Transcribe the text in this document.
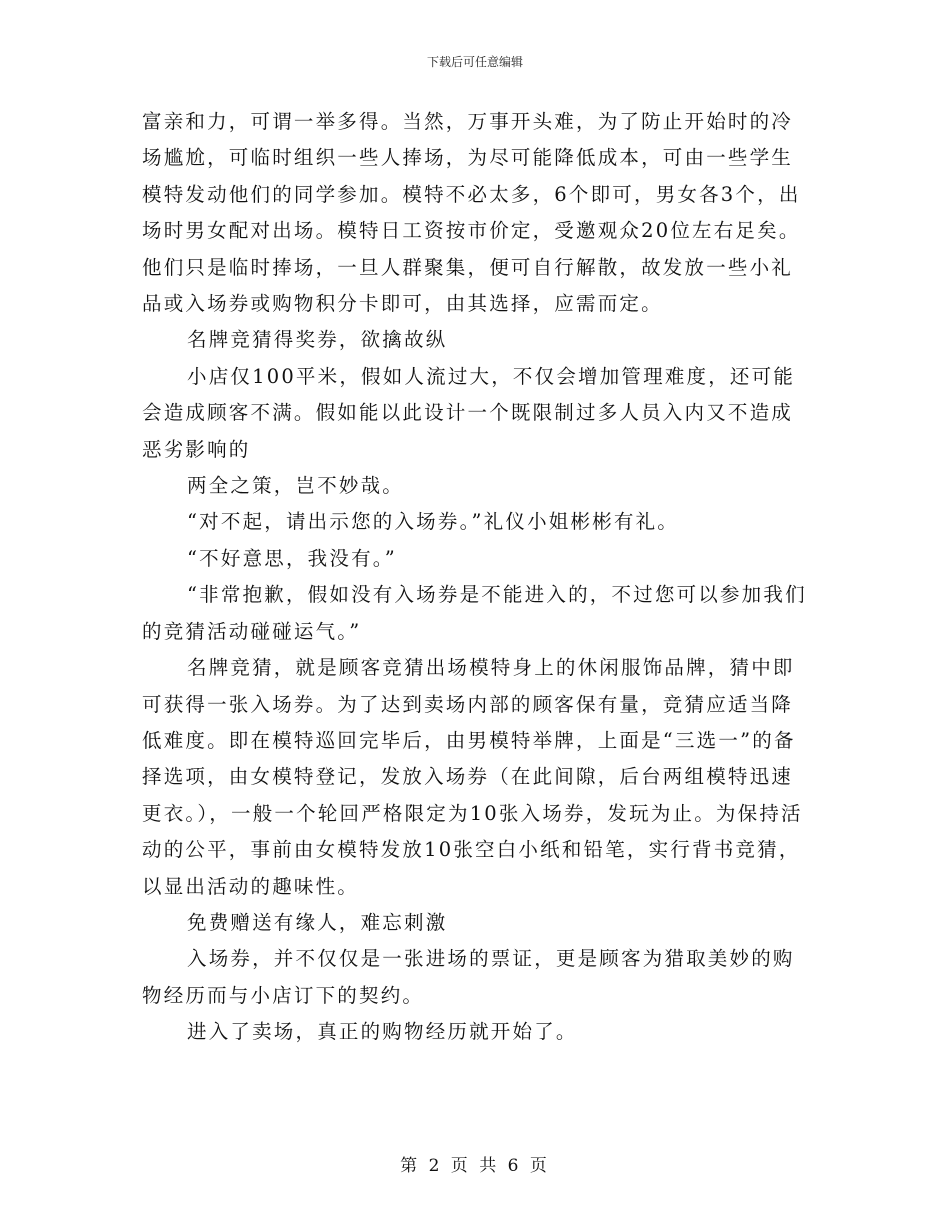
下载后可任意编辑

富亲和力，可谓一举多得。当然，万事开头难，为了防止开始时的冷场尴尬，可临时组织一些人捧场，为尽可能降低成本，可由一些学生模特发动他们的同学参加。模特不必太多，6个即可，男女各3个，出场时男女配对出场。模特日工资按市价定，受邀观众20位左右足矣。他们只是临时捧场，一旦人群聚集，便可自行解散，故发放一些小礼品或入场券或购物积分卡即可，由其选择，应需而定。

名牌竞猜得奖券，欲擒故纵

小店仅100平米，假如人流过大，不仅会增加管理难度，还可能会造成顾客不满。假如能以此设计一个既限制过多人员入内又不造成恶劣影响的

两全之策，岂不妙哉。

“对不起，请出示您的入场券。”礼仪小姐彬彬有礼。

“不好意思，我没有。”

“非常抱歉，假如没有入场券是不能进入的，不过您可以参加我们的竞猜活动碰碰运气。”

名牌竞猜，就是顾客竞猜出场模特身上的休闲服饰品牌，猜中即可获得一张入场券。为了达到卖场内部的顾客保有量，竞猜应适当降低难度。即在模特巡回完毕后，由男模特举牌，上面是“三选一”的备择选项，由女模特登记，发放入场券（在此间隙，后台两组模特迅速更衣。），一般一个轮回严格限定为10张入场券，发玩为止。为保持活动的公平，事前由女模特发放10张空白小纸和铅笔，实行背书竞猜，以显出活动的趣味性。

免费赠送有缘人，难忘刺激

入场券，并不仅仅是一张进场的票证，更是顾客为猎取美妙的购物经历而与小店订下的契约。

进入了卖场，真正的购物经历就开始了。

第 2 页 共 6 页
